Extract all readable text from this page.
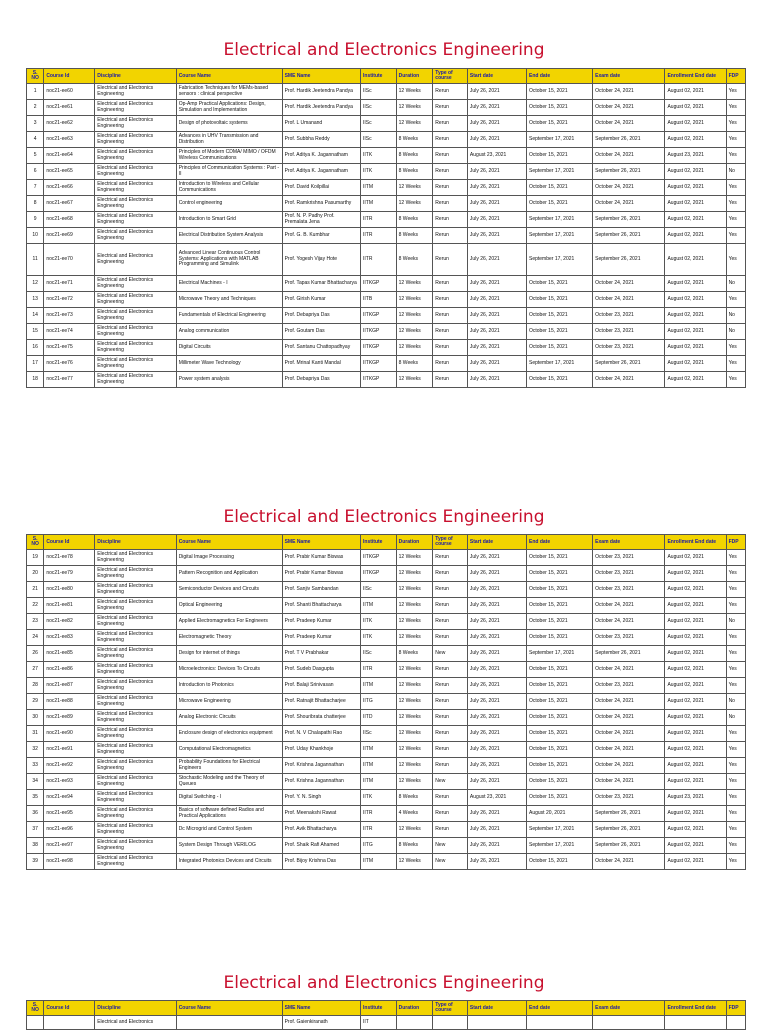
Electrical and Electronics Engineering
S. NO	Course Id	Discipline	Course Name	SME Name	Institute	Duration	Type of course	Start date	End date	Exam date	Enrollment End date	FDP
1	noc21-ee60	Electrical and Electronics Engineering	Fabrication Techniques for MEMs-based sensors : clinical perspective	Prof. Hardik Jeetendra Pandya	IISc	12 Weeks	Rerun	July 26, 2021	October 15, 2021	October 24, 2021	August 02, 2021	Yes
2	noc21-ee61	Electrical and Electronics Engineering	Op-Amp Practical Applications: Design, Simulation and Implementation	Prof. Hardik Jeetendra Pandya	IISc	12 Weeks	Rerun	July 26, 2021	October 15, 2021	October 24, 2021	August 02, 2021	Yes
3	noc21-ee62	Electrical and Electronics Engineering	Design of photovoltaic systems	Prof. L Umanand	IISc	12 Weeks	Rerun	July 26, 2021	October 15, 2021	October 24, 2021	August 02, 2021	Yes
4	noc21-ee63	Electrical and Electronics Engineering	Advances in UHV Transmission and Distribution	Prof. Subbha Reddy	IISc	8 Weeks	Rerun	July 26, 2021	September 17, 2021	September 26, 2021	August 02, 2021	Yes
5	noc21-ee64	Electrical and Electronics Engineering	Principles of Modern CDMA/ MIMO / OFDM Wireless Communications	Prof. Aditya K. Jagannatham	IITK	8 Weeks	Rerun	August 23, 2021	October 15, 2021	October 24, 2021	August 23, 2021	Yes
6	noc21-ee65	Electrical and Electronics Engineering	Principles of Communication Systems : Part - II	Prof. Aditya K. Jagannatham	IITK	8 Weeks	Rerun	July 26, 2021	September 17, 2021	September 26, 2021	August 02, 2021	No
7	noc21-ee66	Electrical and Electronics Engineering	Introduction to Wireless and Cellular Communications	Prof. David Koilpillai	IITM	12 Weeks	Rerun	July 26, 2021	October 15, 2021	October 24, 2021	August 02, 2021	Yes
8	noc21-ee67	Electrical and Electronics Engineering	Control engineering	Prof. Ramkrishna Pasumarthy	IITM	12 Weeks	Rerun	July 26, 2021	October 15, 2021	October 24, 2021	August 02, 2021	Yes
9	noc21-ee68	Electrical and Electronics Engineering	Introduction to Smart Grid	Prof. N. P. Padhy Prof. Premalata Jena	IITR	8 Weeks	Rerun	July 26, 2021	September 17, 2021	September 26, 2021	August 02, 2021	Yes
10	noc21-ee69	Electrical and Electronics Engineering	Electrical Distribution System Analysis	Prof. G. B. Kumbhar	IITR	8 Weeks	Rerun	July 26, 2021	September 17, 2021	September 26, 2021	August 02, 2021	Yes
11	noc21-ee70	Electrical and Electronics Engineering	Advanced Linear Continuous Control Systems: Applications with MATLAB Programming and Simulink	Prof. Yogesh Vijay Hote	IITR	8 Weeks	Rerun	July 26, 2021	September 17, 2021	September 26, 2021	August 02, 2021	Yes
12	noc21-ee71	Electrical and Electronics Engineering	Electrical Machines - I	Prof. Tapas Kumar Bhattacharya	IITKGP	12 Weeks	Rerun	July 26, 2021	October 15, 2021	October 24, 2021	August 02, 2021	No
13	noc21-ee72	Electrical and Electronics Engineering	Microwave Theory and Techniques	Prof. Girish Kumar	IITB	12 Weeks	Rerun	July 26, 2021	October 15, 2021	October 24, 2021	August 02, 2021	Yes
14	noc21-ee73	Electrical and Electronics Engineering	Fundamentals of Electrical Engineering	Prof. Debapriya Das	IITKGP	12 Weeks	Rerun	July 26, 2021	October 15, 2021	October 23, 2021	August 02, 2021	No
15	noc21-ee74	Electrical and Electronics Engineering	Analog communication	Prof. Goutam Das	IITKGP	12 Weeks	Rerun	July 26, 2021	October 15, 2021	October 23, 2021	August 02, 2021	No
16	noc21-ee75	Electrical and Electronics Engineering	Digital Circuits	Prof. Santanu Chattopadhyay	IITKGP	12 Weeks	Rerun	July 26, 2021	October 15, 2021	October 23, 2021	August 02, 2021	Yes
17	noc21-ee76	Electrical and Electronics Engineering	Millimeter Wave Technology	Prof. Mrinal Kanti Mandal	IITKGP	8 Weeks	Rerun	July 26, 2021	September 17, 2021	September 26, 2021	August 02, 2021	Yes
18	noc21-ee77	Electrical and Electronics Engineering	Power system analysis	Prof. Debapriya Das	IITKGP	12 Weeks	Rerun	July 26, 2021	October 15, 2021	October 24, 2021	August 02, 2021	Yes
Electrical and Electronics Engineering
S. NO	Course Id	Discipline	Course Name	SME Name	Institute	Duration	Type of course	Start date	End date	Exam date	Enrollment End date	FDP
19	noc21-ee78	Electrical and Electronics Engineering	Digital Image Processing	Prof. Prabir Kumar Biswas	IITKGP	12 Weeks	Rerun	July 26, 2021	October 15, 2021	October 23, 2021	August 02, 2021	Yes
20	noc21-ee79	Electrical and Electronics Engineering	Pattern Recognition and Application	Prof. Prabir Kumar Biswas	IITKGP	12 Weeks	Rerun	July 26, 2021	October 15, 2021	October 23, 2021	August 02, 2021	Yes
21	noc21-ee80	Electrical and Electronics Engineering	Semiconductor Devices and Circuits	Prof. Sanjiv Sambandan	IISc	12 Weeks	Rerun	July 26, 2021	October 15, 2021	October 23, 2021	August 02, 2021	Yes
22	noc21-ee81	Electrical and Electronics Engineering	Optical Engineering	Prof. Shanti Bhattacharya	IITM	12 Weeks	Rerun	July 26, 2021	October 15, 2021	October 24, 2021	August 02, 2021	Yes
23	noc21-ee82	Electrical and Electronics Engineering	Applied Electromagnetics For Engineers	Prof. Pradeep Kumar	IITK	12 Weeks	Rerun	July 26, 2021	October 15, 2021	October 24, 2021	August 02, 2021	No
24	noc21-ee83	Electrical and Electronics Engineering	Electromagnetic Theory	Prof. Pradeep Kumar	IITK	12 Weeks	Rerun	July 26, 2021	October 15, 2021	October 23, 2021	August 02, 2021	Yes
26	noc21-ee85	Electrical and Electronics Engineering	Design for internet of things	Prof. T V Prabhakar	IISc	8 Weeks	New	July 26, 2021	September 17, 2021	September 26, 2021	August 02, 2021	Yes
27	noc21-ee86	Electrical and Electronics Engineering	Microelectronics: Devices To Circuits	Prof. Sudeb Dasgupta	IITR	12 Weeks	Rerun	July 26, 2021	October 15, 2021	October 24, 2021	August 02, 2021	Yes
28	noc21-ee87	Electrical and Electronics Engineering	Introduction to Photonics	Prof. Balaji Srinivasan	IITM	12 Weeks	Rerun	July 26, 2021	October 15, 2021	October 23, 2021	August 02, 2021	Yes
29	noc21-ee88	Electrical and Electronics Engineering	Microwave Engineering	Prof. Ratnajit Bhattacharjee	IITG	12 Weeks	Rerun	July 26, 2021	October 15, 2021	October 24, 2021	August 02, 2021	No
30	noc21-ee89	Electrical and Electronics Engineering	Analog Electronic Circuits	Prof. Shouribrata chatterjee	IITD	12 Weeks	Rerun	July 26, 2021	October 15, 2021	October 24, 2021	August 02, 2021	No
31	noc21-ee90	Electrical and Electronics Engineering	Enclosure design of electronics equipment	Prof. N. V Chalapathi Rao	IISc	12 Weeks	Rerun	July 26, 2021	October 15, 2021	October 24, 2021	August 02, 2021	Yes
32	noc21-ee91	Electrical and Electronics Engineering	Computational Electromagnetics	Prof. Uday Khankhoje	IITM	12 Weeks	Rerun	July 26, 2021	October 15, 2021	October 24, 2021	August 02, 2021	Yes
33	noc21-ee92	Electrical and Electronics Engineering	Probability Foundations for Electrical Engineers	Prof. Krishna Jagannathan	IITM	12 Weeks	Rerun	July 26, 2021	October 15, 2021	October 24, 2021	August 02, 2021	Yes
34	noc21-ee93	Electrical and Electronics Engineering	Stochastic Modeling and the Theory of Queues	Prof. Krishna Jagannathan	IITM	12 Weeks	New	July 26, 2021	October 15, 2021	October 24, 2021	August 02, 2021	Yes
35	noc21-ee94	Electrical and Electronics Engineering	Digital Switching - I	Prof. Y. N. Singh	IITK	8 Weeks	Rerun	August 23, 2021	October 15, 2021	October 23, 2021	August 23, 2021	Yes
36	noc21-ee95	Electrical and Electronics Engineering	Basics of software defined Radios and Practical Applications	Prof. Meenakshi Rawat	IITR	4 Weeks	Rerun	July 26, 2021	August 20, 2021	September 26, 2021	August 02, 2021	Yes
37	noc21-ee96	Electrical and Electronics Engineering	Dc Microgrid and Control System	Prof. Avik Bhattacharya	IITR	12 Weeks	Rerun	July 26, 2021	September 17, 2021	September 26, 2021	August 02, 2021	Yes
38	noc21-ee97	Electrical and Electronics Engineering	System Design Through VERILOG	Prof. Shaik Rafi Ahamed	IITG	8 Weeks	New	July 26, 2021	September 17, 2021	September 26, 2021	August 02, 2021	Yes
39	noc21-ee98	Electrical and Electronics Engineering	Integrated Photonics Devices and Circuits	Prof. Bijoy Krishna Das	IITM	12 Weeks	New	July 26, 2021	October 15, 2021	October 24, 2021	August 02, 2021	Yes
Electrical and Electronics Engineering
S. NO	Course Id	Discipline	Course Name	SME Name	Institute	Duration	Type of course	Start date	End date	Exam date	Enrollment End date	FDP
		Electrical and Electronics		Prof. Gaienkiranath	IIT							
